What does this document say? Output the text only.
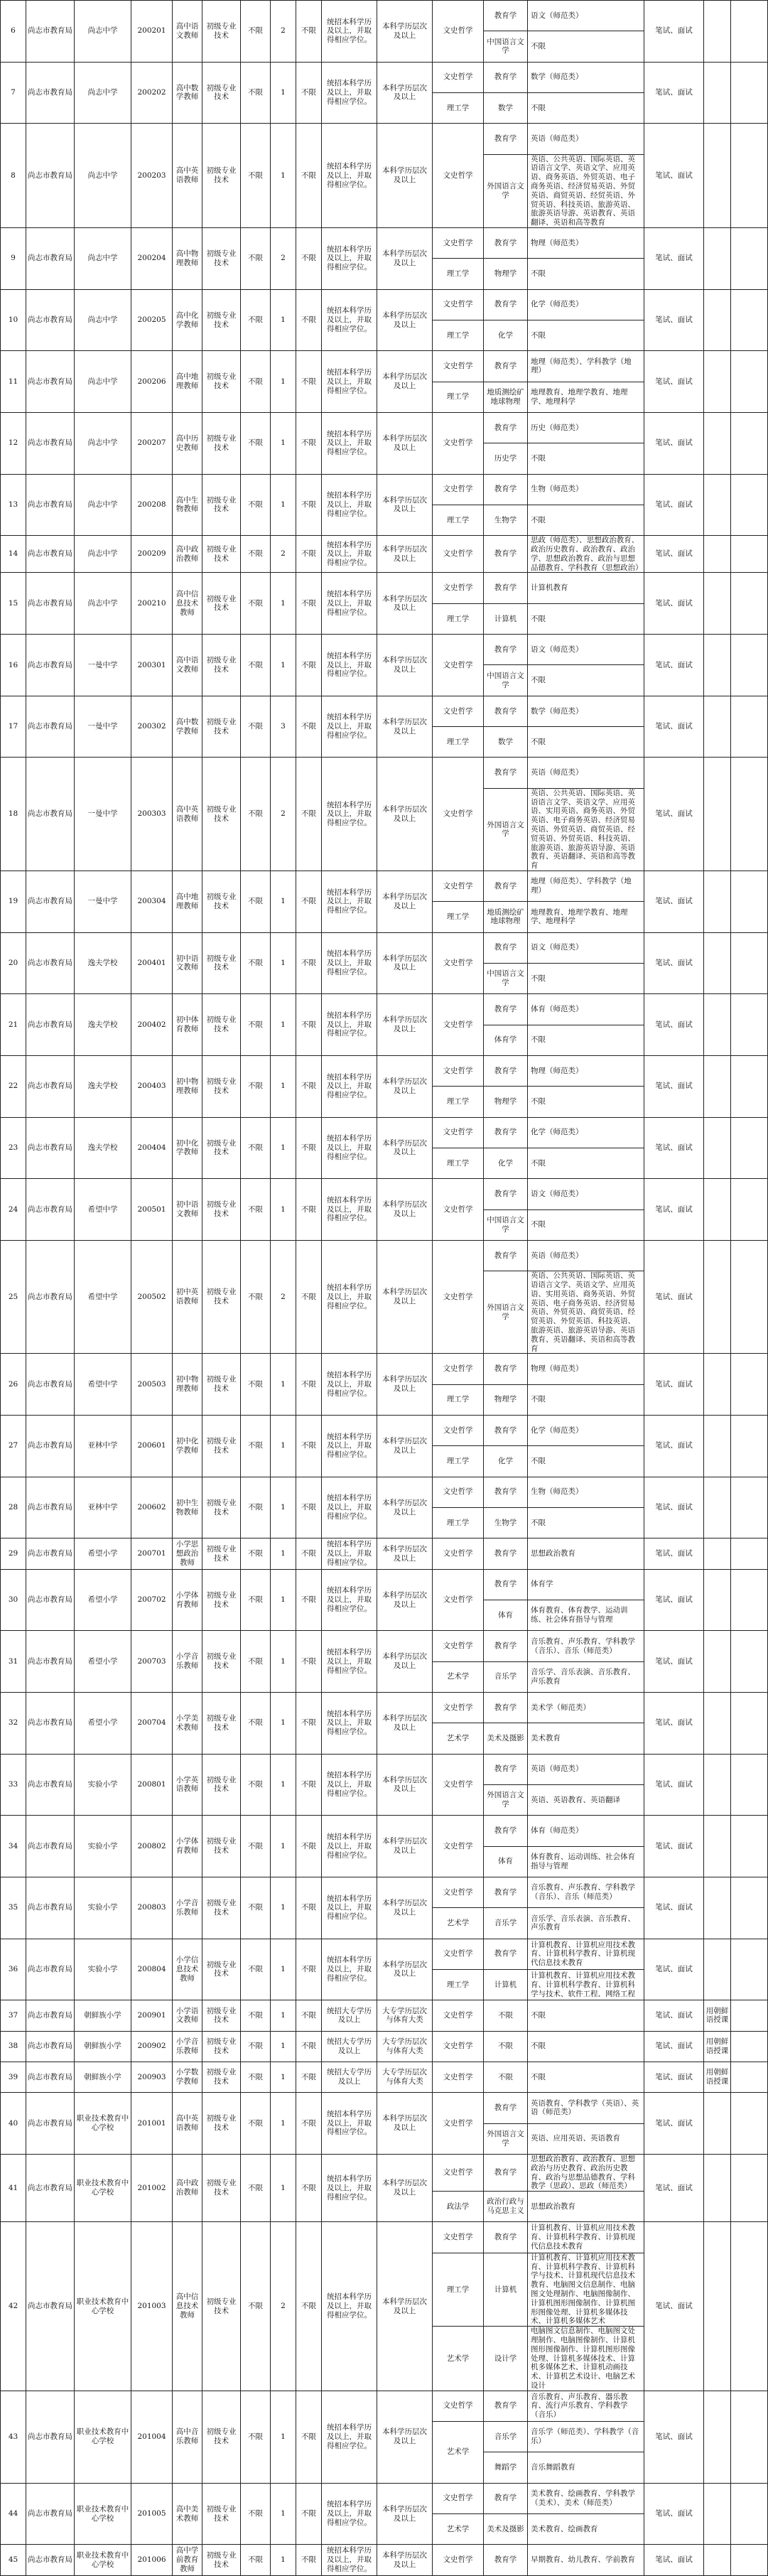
6	尚志市教育局	尚志中学	200201	高中语文教师	初级专业技术	不限	2	不限	统招本科学历及以上，并取得相应学位。	本科学历层次及以上	文史哲学	教育学	语文（师范类）	笔试、面试		
												中国语言文学	不限			
7	尚志市教育局	尚志中学	200202	高中数学教师	初级专业技术	不限	1	不限	统招本科学历及以上，并取得相应学位。	本科学历层次及以上	文史哲学	教育学	数学（师范类）	笔试、面试		
											理工学	数学	不限			
8	尚志市教育局	尚志中学	200203	高中英语教师	初级专业技术	不限	1	不限	统招本科学历及以上，并取得相应学位。	本科学历层次及以上	文史哲学	教育学	英语（师范类）	笔试、面试		
												外国语言文学	英语、公共英语、国际英语、英语语言文学、英语文学、应用英语、商务英语、外贸英语、电子商务英语、经济贸易英语、外贸英语、商贸英语、经贸英语、外贸英语、科技英语、旅游英语、旅游英语导游、英语教育、英语翻译、英语和高等教育			
9	尚志市教育局	尚志中学	200204	高中物理教师	初级专业技术	不限	2	不限	统招本科学历及以上，并取得相应学位。	本科学历层次及以上	文史哲学	教育学	物理（师范类）	笔试、面试		
											理工学	物理学	不限			
10	尚志市教育局	尚志中学	200205	高中化学教师	初级专业技术	不限	1	不限	统招本科学历及以上，并取得相应学位。	本科学历层次及以上	文史哲学	教育学	化学（师范类）	笔试、面试		
											理工学	化学	不限			
11	尚志市教育局	尚志中学	200206	高中地理教师	初级专业技术	不限	1	不限	统招本科学历及以上，并取得相应学位。	本科学历层次及以上	文史哲学	教育学	地理（师范类）、学科教学（地理）	笔试、面试		
											理工学	地质测绘矿地球物理	地理教育、地理学教育、地理学、地理科学			
12	尚志市教育局	尚志中学	200207	高中历史教师	初级专业技术	不限	1	不限	统招本科学历及以上，并取得相应学位。	本科学历层次及以上	文史哲学	教育学	历史（师范类）	笔试、面试		
												历史学	不限			
13	尚志市教育局	尚志中学	200208	高中生物教师	初级专业技术	不限	1	不限	统招本科学历及以上，并取得相应学位。	本科学历层次及以上	文史哲学	教育学	生物（师范类）	笔试、面试		
											理工学	生物学	不限			
14	尚志市教育局	尚志中学	200209	高中政治教师	初级专业技术	不限	2	不限	统招本科学历及以上，并取得相应学位。	本科学历层次及以上	文史哲学	教育学	思政（师范类）、思想政治教育、政治历史教育、政治教育、政治学、思想政治教育、政治与思想品德教育、学科教育（思想政治）	笔试、面试		
15	尚志市教育局	尚志中学	200210	高中信息技术教师	初级专业技术	不限	1	不限	统招本科学历及以上，并取得相应学位。	本科学历层次及以上	文史哲学	教育学	计算机教育	笔试、面试		
											理工学	计算机	不限			
16	尚志市教育局	一曼中学	200301	高中语文教师	初级专业技术	不限	1	不限	统招本科学历及以上，并取得相应学位。	本科学历层次及以上	文史哲学	教育学	语文（师范类）	笔试、面试		
												中国语言文学	不限			
17	尚志市教育局	一曼中学	200302	高中数学教师	初级专业技术	不限	3	不限	统招本科学历及以上，并取得相应学位。	本科学历层次及以上	文史哲学	教育学	数学（师范类）	笔试、面试		
											理工学	数学	不限			
18	尚志市教育局	一曼中学	200303	高中英语教师	初级专业技术	不限	2	不限	统招本科学历及以上，并取得相应学位。	本科学历层次及以上	文史哲学	教育学	英语（师范类）	笔试、面试		
												外国语言文学	英语、公共英语、国际英语、英语语言文学、英语文学、应用英语、实用英语、商务英语、外贸英语、电子商务英语、经济贸易英语、外贸英语、商贸英语、经贸英语、外贸英语、科技英语、旅游英语、旅游英语导游、英语教育、英语翻译、英语和高等教育			
19	尚志市教育局	一曼中学	200304	高中地理教师	初级专业技术	不限	1	不限	统招本科学历及以上，并取得相应学位。	本科学历层次及以上	文史哲学	教育学	地理（师范类）、学科教学（地理）	笔试、面试		
											理工学	地质测绘矿地球物理	地理教育、地理学教育、地理学、地理科学			
20	尚志市教育局	逸夫学校	200401	初中语文教师	初级专业技术	不限	1	不限	统招本科学历及以上，并取得相应学位。	本科学历层次及以上	文史哲学	教育学	语文（师范类）	笔试、面试		
												中国语言文学	不限			
21	尚志市教育局	逸夫学校	200402	初中体育教师	初级专业技术	不限	1	不限	统招本科学历及以上，并取得相应学位。	本科学历层次及以上	文史哲学	教育学	体育（师范类）	笔试、面试		
												体育学	不限			
22	尚志市教育局	逸夫学校	200403	初中物理教师	初级专业技术	不限	1	不限	统招本科学历及以上，并取得相应学位。	本科学历层次及以上	文史哲学	教育学	物理（师范类）	笔试、面试		
											理工学	物理学	不限			
23	尚志市教育局	逸夫学校	200404	初中化学教师	初级专业技术	不限	1	不限	统招本科学历及以上，并取得相应学位。	本科学历层次及以上	文史哲学	教育学	化学（师范类）	笔试、面试		
											理工学	化学	不限			
24	尚志市教育局	希望中学	200501	初中语文教师	初级专业技术	不限	1	不限	统招本科学历及以上，并取得相应学位。	本科学历层次及以上	文史哲学	教育学	语文（师范类）	笔试、面试		
												中国语言文学	不限			
25	尚志市教育局	希望中学	200502	初中英语教师	初级专业技术	不限	2	不限	统招本科学历及以上，并取得相应学位。	本科学历层次及以上	文史哲学	教育学	英语（师范类）	笔试、面试		
												外国语言文学	英语、公共英语、国际英语、英语语言文学、英语文学、应用英语、实用英语、商务英语、外贸英语、电子商务英语、经济贸易英语、外贸英语、商贸英语、经贸英语、外贸英语、科技英语、旅游英语、旅游英语导游、英语教育、英语翻译、英语和高等教育			
26	尚志市教育局	希望中学	200503	初中物理教师	初级专业技术	不限	1	不限	统招本科学历及以上，并取得相应学位。	本科学历层次及以上	文史哲学	教育学	物理（师范类）	笔试、面试		
											理工学	物理学	不限			
27	尚志市教育局	亚林中学	200601	初中化学教师	初级专业技术	不限	1	不限	统招本科学历及以上，并取得相应学位。	本科学历层次及以上	文史哲学	教育学	化学（师范类）	笔试、面试		
											理工学	化学	不限			
28	尚志市教育局	亚林中学	200602	初中生物教师	初级专业技术	不限	1	不限	统招本科学历及以上，并取得相应学位。	本科学历层次及以上	文史哲学	教育学	生物（师范类）	笔试、面试		
											理工学	生物学	不限			
29	尚志市教育局	希望小学	200701	小学思想政治教师	初级专业技术	不限	1	不限	统招本科学历及以上，并取得相应学位。	本科学历层次及以上	文史哲学	教育学	思想政治教育	笔试、面试		
30	尚志市教育局	希望小学	200702	小学体育教师	初级专业技术	不限	1	不限	统招本科学历及以上，并取得相应学位。	本科学历层次及以上	文史哲学	教育学	体育学	笔试、面试		
												体育	体育教育、体育教学、运动训练、社会体育指导与管理			
31	尚志市教育局	希望小学	200703	小学音乐教师	初级专业技术	不限	1	不限	统招本科学历及以上，并取得相应学位。	本科学历层次及以上	文史哲学	教育学	音乐教育、声乐教育、学科教学（音乐）、音乐（师范类）	笔试、面试		
											艺术学	音乐学	音乐学、音乐表演、音乐教育、声乐教育			
32	尚志市教育局	希望小学	200704	小学美术教师	初级专业技术	不限	1	不限	统招本科学历及以上，并取得相应学位。	本科学历层次及以上	文史哲学	教育学	美术学（师范类）	笔试、面试		
											艺术学	美术及摄影	美术教育			
33	尚志市教育局	实验小学	200801	小学英语教师	初级专业技术	不限	1	不限	统招本科学历及以上，并取得相应学位。	本科学历层次及以上	文史哲学	教育学	英语（师范类）	笔试、面试		
												外国语言文学	英语、英语教育、英语翻译			
34	尚志市教育局	实验小学	200802	小学体育教师	初级专业技术	不限	1	不限	统招本科学历及以上，并取得相应学位。	本科学历层次及以上	文史哲学	教育学	体育（师范类）	笔试、面试		
												体育	体育教育、运动训练、社会体育指导与管理			
35	尚志市教育局	实验小学	200803	小学音乐教师	初级专业技术	不限	1	不限	统招本科学历及以上，并取得相应学位。	本科学历层次及以上	文史哲学	教育学	音乐教育、声乐教育、学科教学（音乐）、音乐（师范类）	笔试、面试		
											艺术学	音乐学	音乐学、音乐表演、音乐教育、声乐教育			
36	尚志市教育局	实验小学	200804	小学信息技术教师	初级专业技术	不限	1	不限	统招本科学历及以上，并取得相应学位。	本科学历层次及以上	文史哲学	教育学	计算机教育、计算机应用技术教育、计算机科学教育、计算机现代信息技术教育	笔试、面试		
											理工学	计算机	计算机教育、计算机应用技术教育、计算机科学教育、计算机科学与技术、软件工程、网络工程			
37	尚志市教育局	朝鲜族小学	200901	小学语文教师	初级专业技术	不限	1	不限	统招大专学历及以上	大专学历层次与体育大类	文史哲学	不限	不限	笔试、面试	用朝鲜语授课	
38	尚志市教育局	朝鲜族小学	200902	小学音乐教师	初级专业技术	不限	1	不限	统招大专学历及以上	大专学历层次与体育大类	文史哲学	不限	不限	笔试、面试	用朝鲜语授课	
39	尚志市教育局	朝鲜族小学	200903	小学数学教师	初级专业技术	不限	1	不限	统招大专学历及以上	大专学历层次与体育大类	文史哲学	不限	不限	笔试、面试	用朝鲜语授课	
40	尚志市教育局	职业技术教育中心学校	201001	高中英语教师	初级专业技术	不限	1	不限	统招本科学历及以上，并取得相应学位。	本科学历层次及以上	文史哲学	教育学	英语教育、学科教学（英语）、英语（师范类）	笔试、面试		
												外国语言文学	英语、应用英语、英语教育			
41	尚志市教育局	职业技术教育中心学校	201002	高中政治教师	初级专业技术	不限	1	不限	统招本科学历及以上，并取得相应学位。	本科学历层次及以上	文史哲学	教育学	思想政治教育、政治教育、思想政治与历史教育、政治历史教育、政治与思想品德教育、学科教学（思政）、思政（师范类）	笔试、面试		
											政法学	政治行政与马克思主义	思想政治教育			
42	尚志市教育局	职业技术教育中心学校	201003	高中信息技术教师	初级专业技术	不限	2	不限	统招本科学历及以上，并取得相应学位。	本科学历层次及以上	文史哲学	教育学	计算机教育、计算机应用技术教育、计算机科学教育、计算机现代信息技术教育	笔试、面试		
											理工学	计算机	计算机教育、计算机应用技术教育、计算机科学教育、计算机科学与技术、计算机现代信息技术教育、电脑图文信息制作、电脑图文处理制作、电脑图像制作、计算机图形图像制作、计算机图形图像处理、计算机多媒体技术、计算机多媒体艺术			
											艺术学	设计学	电脑图文信息制作、电脑图文处理制作、电脑图像制作、计算机图形图像制作、计算机图形图像处理、计算机多媒体技术、计算机多媒体艺术、计算机动画技术、计算机艺术设计、电脑艺术设计			
43	尚志市教育局	职业技术教育中心学校	201004	高中音乐教师	初级专业技术	不限	1	不限	统招本科学历及以上，并取得相应学位。	本科学历层次及以上	文史哲学	教育学	音乐教育、声乐教育、器乐教育、流行声乐教育、学科教学（音乐）	笔试、面试		
											艺术学	音乐学	音乐学（师范类）、学科教学（音乐）			
												舞蹈学	音乐舞蹈教育			
44	尚志市教育局	职业技术教育中心学校	201005	高中美术教师	初级专业技术	不限	1	不限	统招本科学历及以上，并取得相应学位。	本科学历层次及以上	文史哲学	教育学	美术教育、绘画教育、学科教学（美术）、美术（师范类）	笔试、面试		
											艺术学	美术及摄影	美术教育、绘画教育			
45	尚志市教育局	职业技术教育中心学校	201006	高中学前教育教师	初级专业技术	不限	1	不限	统招本科学历及以上，并取得相应学位。	本科学历层次及以上	文史哲学	教育学	早期教育、幼儿教育、学前教育	笔试、面试		
